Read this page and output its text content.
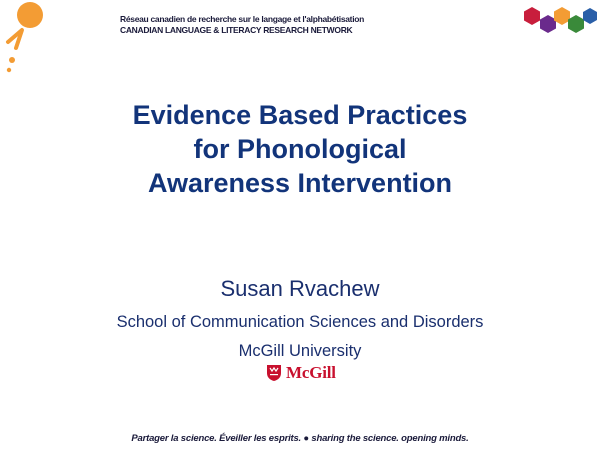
Réseau canadien de recherche sur le langage et l'alphabétisation
CANADIAN LANGUAGE & LITERACY RESEARCH NETWORK
Evidence Based Practices
for Phonological
Awareness Intervention
Susan Rvachew
School of Communication Sciences and Disorders
McGill University
McGill
Partager la science. Éveiller les esprits. ● sharing the science. opening minds.
